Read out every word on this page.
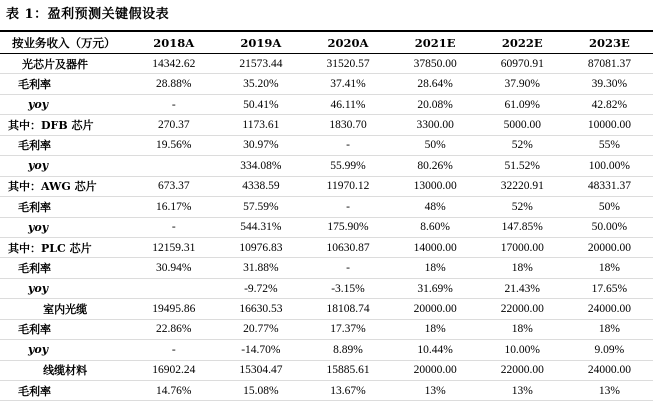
表 1：盈利预测关键假设表
按业务收入（万元）	2018A	2019A	2020A	2021E	2022E	2023E
光芯片及器件	14342.62	21573.44	31520.57	37850.00	60970.91	87081.37
毛利率	28.88%	35.20%	37.41%	28.64%	37.90%	39.30%
yoy	-	50.41%	46.11%	20.08%	61.09%	42.82%
其中：DFB 芯片	270.37	1173.61	1830.70	3300.00	5000.00	10000.00
毛利率	19.56%	30.97%	-	50%	52%	55%
yoy		334.08%	55.99%	80.26%	51.52%	100.00%
其中：AWG 芯片	673.37	4338.59	11970.12	13000.00	32220.91	48331.37
毛利率	16.17%	57.59%	-	48%	52%	50%
yoy	-	544.31%	175.90%	8.60%	147.85%	50.00%
其中：PLC 芯片	12159.31	10976.83	10630.87	14000.00	17000.00	20000.00
毛利率	30.94%	31.88%	-	18%	18%	18%
yoy		-9.72%	-3.15%	31.69%	21.43%	17.65%
室内光缆	19495.86	16630.53	18108.74	20000.00	22000.00	24000.00
毛利率	22.86%	20.77%	17.37%	18%	18%	18%
yoy	-	-14.70%	8.89%	10.44%	10.00%	9.09%
线缆材料	16902.24	15304.47	15885.61	20000.00	22000.00	24000.00
毛利率	14.76%	15.08%	13.67%	13%	13%	13%
